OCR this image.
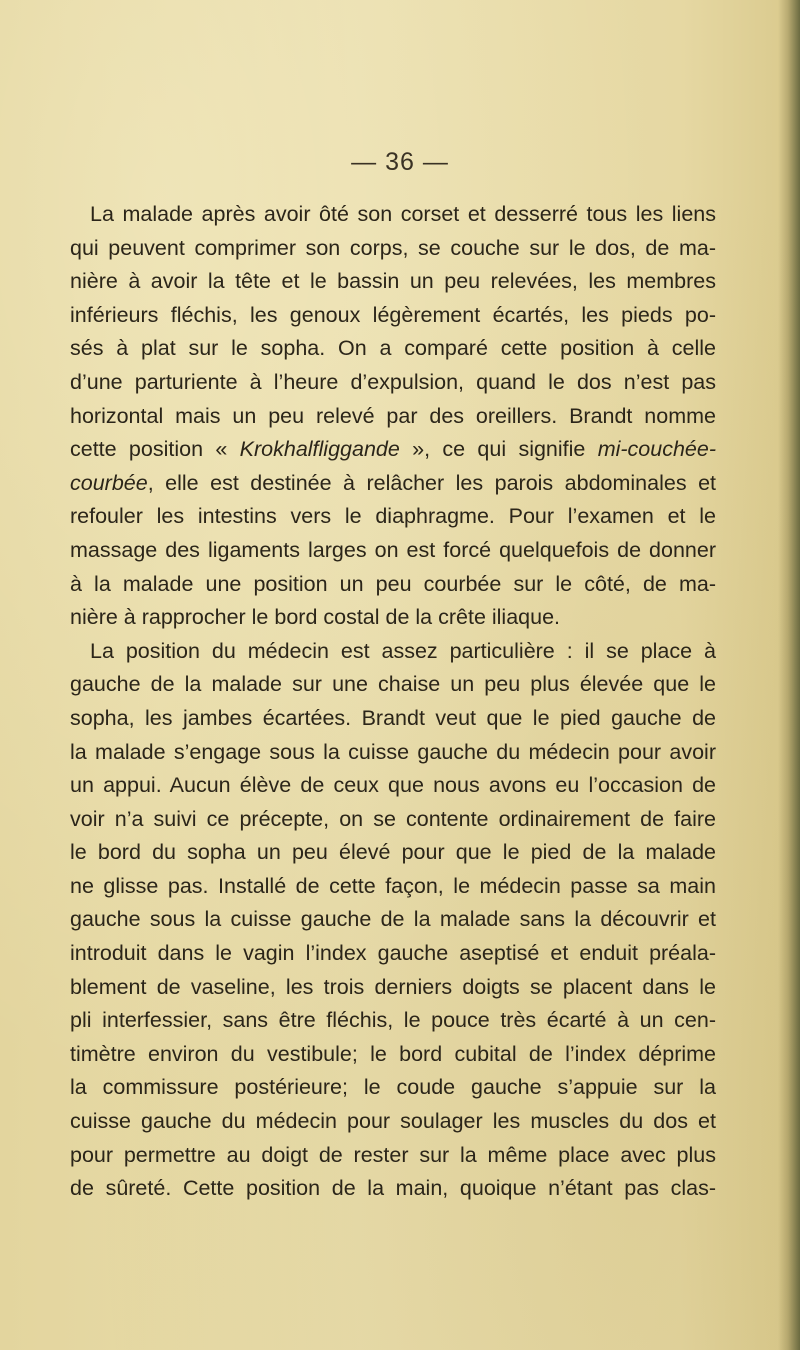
— 36 —
La malade après avoir ôté son corset et desserré tous les liens
qui peuvent comprimer son corps, se couche sur le dos, de ma-
nière à avoir la tête et le bassin un peu relevées, les membres
inférieurs fléchis, les genoux légèrement écartés, les pieds po-
sés à plat sur le sopha. On a comparé cette position à celle
d’une parturiente à l’heure d’expulsion, quand le dos n’est pas
horizontal mais un peu relevé par des oreillers. Brandt nomme
cette position « Krokhalfliggande », ce qui signifie mi-couchée-
courbée, elle est destinée à relâcher les parois abdominales et
refouler les intestins vers le diaphragme. Pour l’examen et le
massage des ligaments larges on est forcé quelquefois de donner
à la malade une position un peu courbée sur le côté, de ma-
nière à rapprocher le bord costal de la crête iliaque.
La position du médecin est assez particulière : il se place à
gauche de la malade sur une chaise un peu plus élevée que le
sopha, les jambes écartées. Brandt veut que le pied gauche de
la malade s’engage sous la cuisse gauche du médecin pour avoir
un appui. Aucun élève de ceux que nous avons eu l’occasion de
voir n’a suivi ce précepte, on se contente ordinairement de faire
le bord du sopha un peu élevé pour que le pied de la malade
ne glisse pas. Installé de cette façon, le médecin passe sa main
gauche sous la cuisse gauche de la malade sans la découvrir et
introduit dans le vagin l’index gauche aseptisé et enduit préala-
blement de vaseline, les trois derniers doigts se placent dans le
pli interfessier, sans être fléchis, le pouce très écarté à un cen-
timètre environ du vestibule; le bord cubital de l’index déprime
la commissure postérieure; le coude gauche s’appuie sur la
cuisse gauche du médecin pour soulager les muscles du dos et
pour permettre au doigt de rester sur la même place avec plus
de sûreté. Cette position de la main, quoique n’étant pas clas-
